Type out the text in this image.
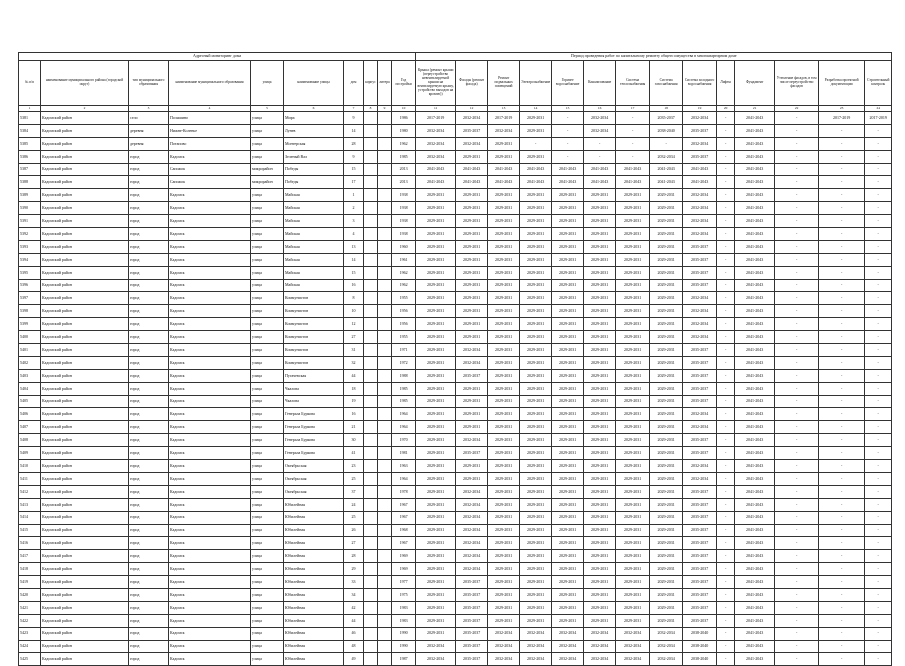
Адресный мониторинг дома										Период проведения работ по капитальному ремонту общего имущества в многоквартирном доме													
№ п/п	наименование муниципального района (городской округ)	тип муниципального образования	наименование муниципального образования	улица	наименование улицы	дом	корпус	литера	Год постройки	Крыша (ремонт крыши (переустройство невентилируемой крыши на вентилируемую крышу, устройство выходов на кровлю))	Фасады (ремонт фасада)	Ремонт подвальных помещений	Электроснабжение	Горячее водоснабжение	Канализование	Система теплоснабжения	Система газоснабжения	Система холодного водоснабжения	Лифты	Фундамент	Утепление фасадов, в том числе переустройство фасадов	Разработка проектной документации	Строительный контроль
1	2	3	4	5	6	7	8	9	10	11	12	13	14	15	16	17	18	19	20	21	22	23	24
5381	Кадомский район	село	Поляшино	улица	Мира	9			1986	2017-2019	2032-2034	2017-2019	2029-2031	-	2032-2034	-	2035-2037	2032-2034	-	2041-2043	-	2017-2019	2017-2019
5384	Кадомский район	деревня	Нижне-Коленье	улица	Лунев	14			1980	2032-2034	2035-2037	2032-2034	2029-2031	-	2032-2034	-	2038-2040	2035-2037	-	2041-2043	-	-	-
5385	Кадомский район	деревня	Потапово	улица	Монтерская	28			1962	2032-2034	2032-2034	2029-2031	-	-	-	-	-	2032-2034	-	2041-2043	-	-	-
5386	Кадомский район	город	Кадомск	улица	Зеленый Вал	9			1985	2032-2034	2029-2031	2029-2031	2029-2031	-	-	-	2032-2034	2035-2037	-	2041-2043	-	-	-
5387	Кадомский район	город	Сапожок	микрорайон	Победы	15			2013	2041-2043	2041-2043	2041-2043	2041-2043	2041-2043	2041-2043	2041-2043	2041-2043	2041-2043	-	2041-2043	-	-	-
5388	Кадомский район	город	Сапожок	микрорайон	Победы	17			2013	2041-2043	2041-2043	2041-2043	2041-2043	2041-2043	2041-2043	2041-2043	2041-2043	2041-2043	-	2041-2043	-	-	-
5389	Кадомский район	город	Кадомск	улица	Майская	1			1938	2029-2031	2029-2031	2029-2031	2029-2031	2029-2031	2029-2031	2029-2031	2029-2031	2032-2034	-	2041-2043	-	-	-
5390	Кадомский район	город	Кадомск	улица	Майская	2			1938	2029-2031	2029-2031	2029-2031	2029-2031	2029-2031	2029-2031	2029-2031	2029-2031	2032-2034	-	2041-2043	-	-	-
5391	Кадомский район	город	Кадомск	улица	Майская	3			1938	2029-2031	2029-2031	2029-2031	2029-2031	2029-2031	2029-2031	2029-2031	2029-2031	2032-2034	-	2041-2043	-	-	-
5392	Кадомский район	город	Кадомск	улица	Майская	4			1938	2029-2031	2029-2031	2029-2031	2029-2031	2029-2031	2029-2031	2029-2031	2029-2031	2032-2034	-	2041-2043	-	-	-
5393	Кадомский район	город	Кадомск	улица	Майская	13			1960	2029-2031	2029-2031	2029-2031	2029-2031	2029-2031	2029-2031	2029-2031	2029-2031	2035-2037	-	2041-2043	-	-	-
5394	Кадомский район	город	Кадомск	улица	Майская	14			1961	2029-2031	2029-2031	2029-2031	2029-2031	2029-2031	2029-2031	2029-2031	2029-2031	2035-2037	-	2041-2043	-	-	-
5395	Кадомский район	город	Кадомск	улица	Майская	15			1962	2029-2031	2029-2031	2029-2031	2029-2031	2029-2031	2029-2031	2029-2031	2029-2031	2035-2037	-	2041-2043	-	-	-
5396	Кадомский район	город	Кадомск	улица	Майская	16			1962	2029-2031	2029-2031	2029-2031	2029-2031	2029-2031	2029-2031	2029-2031	2029-2031	2035-2037	-	2041-2043	-	-	-
5397	Кадомский район	город	Кадомск	улица	Коммунистов	8			1955	2029-2031	2029-2031	2029-2031	2029-2031	2029-2031	2029-2031	2029-2031	2029-2031	2032-2034	-	2041-2043	-	-	-
5398	Кадомский район	город	Кадомск	улица	Коммунистов	10			1956	2029-2031	2029-2031	2029-2031	2029-2031	2029-2031	2029-2031	2029-2031	2029-2031	2032-2034	-	2041-2043	-	-	-
5399	Кадомский район	город	Кадомск	улица	Коммунистов	12			1956	2029-2031	2029-2031	2029-2031	2029-2031	2029-2031	2029-2031	2029-2031	2029-2031	2032-2034	-	2041-2043	-	-	-
5400	Кадомский район	город	Кадомск	улица	Коммунистов	27			1955	2029-2031	2029-2031	2029-2031	2029-2031	2029-2031	2029-2031	2029-2031	2029-2031	2032-2034	-	2041-2043	-	-	-
5401	Кадомский район	город	Кадомск	улица	Коммунистов	31			1971	2029-2031	2032-2034	2029-2031	2029-2031	2029-2031	2029-2031	2029-2031	2029-2031	2035-2037	-	2041-2043	-	-	-
5402	Кадомский район	город	Кадомск	улица	Коммунистов	32			1972	2029-2031	2032-2034	2029-2031	2029-2031	2029-2031	2029-2031	2029-2031	2029-2031	2035-2037	-	2041-2043	-	-	-
5403	Кадомский район	город	Кадомск	улица	Пугачевская	44			1988	2029-2031	2035-2037	2029-2031	2029-2031	2029-2031	2029-2031	2029-2031	2029-2031	2035-2037	-	2041-2043	-	-	-
5404	Кадомский район	город	Кадомск	улица	Чкалова	18			1985	2029-2031	2029-2031	2029-2031	2029-2031	2029-2031	2029-2031	2029-2031	2029-2031	2035-2037	-	2041-2043	-	-	-
5405	Кадомский район	город	Кадомск	улица	Чкалова	19			1985	2029-2031	2029-2031	2029-2031	2029-2031	2029-2031	2029-2031	2029-2031	2029-2031	2035-2037	-	2041-2043	-	-	-
5406	Кадомский район	город	Кадомск	улица	Генерала Буркова	16			1964	2029-2031	2029-2031	2029-2031	2029-2031	2029-2031	2029-2031	2029-2031	2029-2031	2032-2034	-	2041-2043	-	-	-
5407	Кадомский район	город	Кадомск	улица	Генерала Буркова	21			1964	2029-2031	2029-2031	2029-2031	2029-2031	2029-2031	2029-2031	2029-2031	2029-2031	2032-2034	-	2041-2043	-	-	-
5408	Кадомский район	город	Кадомск	улица	Генерала Буркова	30			1970	2029-2031	2032-2034	2029-2031	2029-2031	2029-2031	2029-2031	2029-2031	2029-2031	2035-2037	-	2041-2043	-	-	-
5409	Кадомский район	город	Кадомск	улица	Генерала Буркова	41			1981	2029-2031	2035-2037	2029-2031	2029-2031	2029-2031	2029-2031	2029-2031	2029-2031	2035-2037	-	2041-2043	-	-	-
5410	Кадомский район	город	Кадомск	улица	Октябрьская	23			1963	2029-2031	2029-2031	2029-2031	2029-2031	2029-2031	2029-2031	2029-2031	2029-2031	2032-2034	-	2041-2043	-	-	-
5411	Кадомский район	город	Кадомск	улица	Октябрьская	25			1964	2029-2031	2029-2031	2029-2031	2029-2031	2029-2031	2029-2031	2029-2031	2029-2031	2032-2034	-	2041-2043	-	-	-
5412	Кадомский район	город	Кадомск	улица	Октябрьская	37			1978	2029-2031	2032-2034	2029-2031	2029-2031	2029-2031	2029-2031	2029-2031	2029-2031	2035-2037	-	2041-2043	-	-	-
5413	Кадомский район	город	Кадомск	улица	Юбилейная	24			1967	2029-2031	2032-2034	2029-2031	2029-2031	2029-2031	2029-2031	2029-2031	2029-2031	2035-2037	-	2041-2043	-	-	-
5414	Кадомский район	город	Кадомск	улица	Юбилейная	25			1967	2029-2031	2032-2034	2029-2031	2029-2031	2029-2031	2029-2031	2029-2031	2029-2031	2035-2037	-	2041-2043	-	-	-
5415	Кадомский район	город	Кадомск	улица	Юбилейная	26			1968	2029-2031	2032-2034	2029-2031	2029-2031	2029-2031	2029-2031	2029-2031	2029-2031	2035-2037	-	2041-2043	-	-	-
5416	Кадомский район	город	Кадомск	улица	Юбилейная	27			1967	2029-2031	2032-2034	2029-2031	2029-2031	2029-2031	2029-2031	2029-2031	2029-2031	2035-2037	-	2041-2043	-	-	-
5417	Кадомский район	город	Кадомск	улица	Юбилейная	28			1969	2029-2031	2032-2034	2029-2031	2029-2031	2029-2031	2029-2031	2029-2031	2029-2031	2035-2037	-	2041-2043	-	-	-
5418	Кадомский район	город	Кадомск	улица	Юбилейная	29			1969	2029-2031	2032-2034	2029-2031	2029-2031	2029-2031	2029-2031	2029-2031	2029-2031	2035-2037	-	2041-2043	-	-	-
5419	Кадомский район	город	Кадомск	улица	Юбилейная	33			1977	2029-2031	2035-2037	2029-2031	2029-2031	2029-2031	2029-2031	2029-2031	2029-2031	2035-2037	-	2041-2043	-	-	-
5420	Кадомский район	город	Кадомск	улица	Юбилейная	34			1975	2029-2031	2035-2037	2029-2031	2029-2031	2029-2031	2029-2031	2029-2031	2029-2031	2035-2037	-	2041-2043	-	-	-
5421	Кадомский район	город	Кадомск	улица	Юбилейная	42			1983	2029-2031	2035-2037	2029-2031	2029-2031	2029-2031	2029-2031	2029-2031	2029-2031	2035-2037	-	2041-2043	-	-	-
5422	Кадомский район	город	Кадомск	улица	Юбилейная	44			1983	2029-2031	2035-2037	2029-2031	2029-2031	2029-2031	2029-2031	2029-2031	2029-2031	2035-2037	-	2041-2043	-	-	-
5423	Кадомский район	город	Кадомск	улица	Юбилейная	46			1990	2029-2031	2035-2037	2032-2034	2032-2034	2032-2034	2032-2034	2032-2034	2032-2034	2038-2040	-	2041-2043	-	-	-
5424	Кадомский район	город	Кадомск	улица	Юбилейная	48			1990	2032-2034	2035-2037	2032-2034	2032-2034	2032-2034	2032-2034	2032-2034	2032-2034	2038-2040	-	2041-2043	-	-	-
5425	Кадомский район	город	Кадомск	улица	Юбилейная	49			1987	2032-2034	2035-2037	2032-2034	2032-2034	2032-2034	2032-2034	2032-2034	2032-2034	2038-2040	-	2041-2043	-	-	-
